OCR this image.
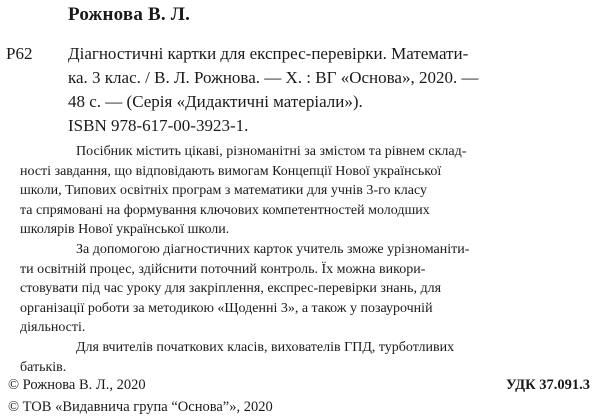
Рожнова В. Л.
Р62 Діагностичні картки для експрес-перевірки. Математи-
ка. 3 клас. / В. Л. Рожнова. — Х. : ВГ «Основа», 2020. —
48 с. — (Серія «Дидактичні матеріали»).
ISBN 978-617-00-3923-1.
Посібник містить цікаві, різноманітні за змістом та рівнем склад-
ності завдання, що відповідають вимогам Концепції Нової української
школи, Типових освітніх програм з математики для учнів 3-го класу
та спрямовані на формування ключових компетентностей молодших
школярів Нової української школи.
За допомогою діагностичних карток учитель зможе урізноманіти-
ти освітній процес, здійснити поточний контроль. Їх можна викори-
стовувати під час уроку для закріплення, експрес-перевірки знань, для
організації роботи за методикою «Щоденні 3», а також у позаурочній
діяльності.
Для вчителів початкових класів, вихователів ГПД, турботливих
батьків.
© Рожнова В. Л., 2020
© ТОВ «Видавнича група “Основа”», 2020
УДК 37.091.3
